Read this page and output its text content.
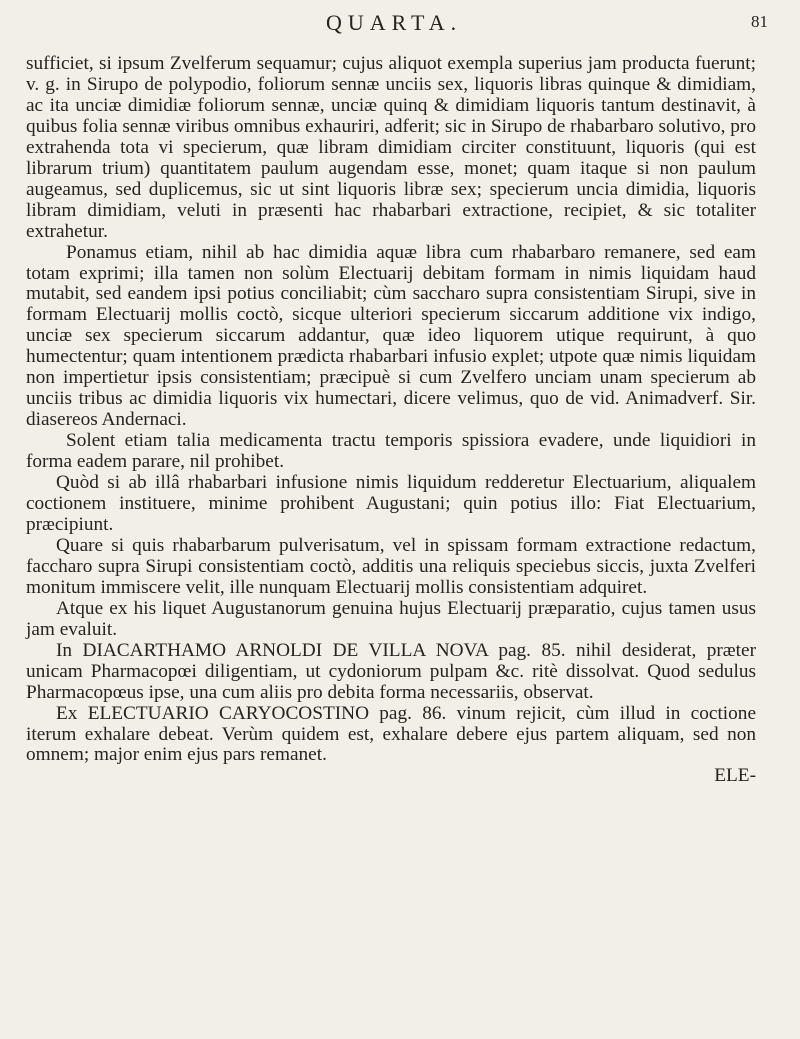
QUARTA.	81

sufficiet, si ipsum Zvelferum sequamur; cujus aliquot exempla superius jam producta fuerunt; v. g. in Sirupo de polypodio, foliorum sennæ unciis sex, liquoris libras quinque & dimidiam, ac ita unciæ dimidiæ foliorum sennæ, unciæ quinq & dimidiam liquoris tantum destinavit, à quibus folia sennæ viribus omnibus exhauriri, adferit; sic in Sirupo de rhabarbaro solutivo, pro extrahenda tota vi specierum, quæ libram dimidiam circiter constituunt, liquoris (qui est librarum trium) quantitatem paulum augendam esse, monet; quam itaque si non paulum augeamus, sed duplicemus, sic ut sint liquoris libræ sex; specierum uncia dimidia, liquoris libram dimidiam, veluti in præsenti hac rhabarbari extractione, recipiet, & sic totaliter extrahetur.

Ponamus etiam, nihil ab hac dimidia aquæ libra cum rhabarbaro remanere, sed eam totam exprimi; illa tamen non solùm Electuarij debitam formam in nimis liquidam haud mutabit, sed eandem ipsi potius conciliabit; cùm saccharo supra consistentiam Sirupi, sive in formam Electuarij mollis coctò, sicque ulteriori specierum siccarum additione vix indigo, unciæ sex specierum siccarum addantur, quæ ideo liquorem utique requirunt, à quo humectentur; quam intentionem prædicta rhabarbari infusio explet; utpote quæ nimis liquidam non impertietur ipsis consistentiam; præcipuè si cum Zvelfero unciam unam specierum ab unciis tribus ac dimidia liquoris vix humectari, dicere velimus, quo de vid. Animadverf. Sir. diasereos Andernaci.

Solent etiam talia medicamenta tractu temporis spissiora evadere, unde liquidiori in forma eadem parare, nil prohibet.

Quòd si ab illâ rhabarbari infusione nimis liquidum redderetur Electuarium, aliqualem coctionem instituere, minime prohibent Augustani; quin potius illo: Fiat Electuarium, præcipiunt.

Quare si quis rhabarbarum pulverisatum, vel in spissam formam extractione redactum, faccharo supra Sirupi consistentiam coctò, additis una reliquis speciebus siccis, juxta Zvelferi monitum immiscere velit, ille nunquam Electuarij mollis consistentiam adquiret.

Atque ex his liquet Augustanorum genuina hujus Electuarij præparatio, cujus tamen usus jam evaluit.

In DIACARTHAMO ARNOLDI DE VILLA NOVA pag. 85. nihil desiderat, præter unicam Pharmacopœi diligentiam, ut cydoniorum pulpam &c. ritè dissolvat. Quod sedulus Pharmacopœus ipse, una cum aliis pro debita forma necessariis, observat.

Ex ELECTUARIO CARYOCOSTINO pag. 86. vinum rejicit, cùm illud in coctione iterum exhalare debeat. Verùm quidem est, exhalare debere ejus partem aliquam, sed non omnem; major enim ejus pars remanet.

ELE-
